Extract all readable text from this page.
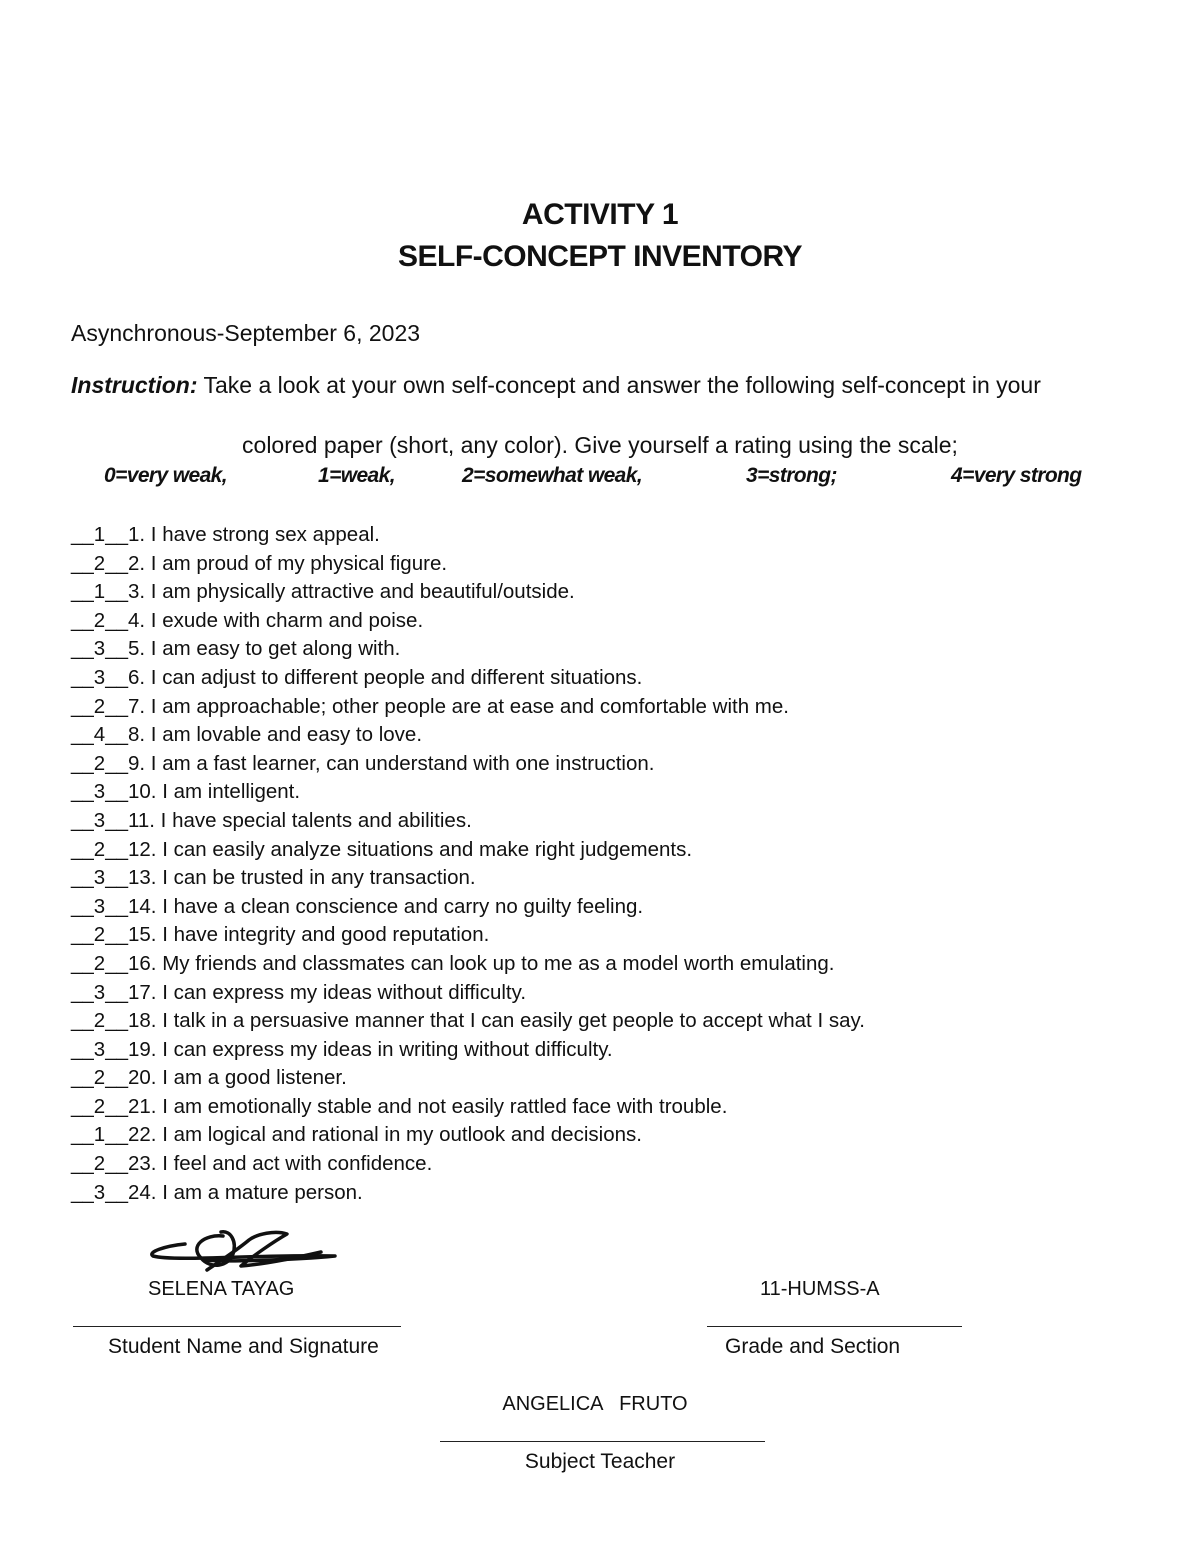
ACTIVITY 1
SELF-CONCEPT INVENTORY
Asynchronous-September 6, 2023
Instruction: Take a look at your own self-concept and answer the following self-concept in your
colored paper (short, any color). Give yourself a rating using the scale;
0=very weak,	1=weak,	2=somewhat weak,	3=strong;	4=very strong
__1__1. I have strong sex appeal.
__2__2. I am proud of my physical figure.
__1__3. I am physically attractive and beautiful/outside.
__2__4. I exude with charm and poise.
__3__5. I am easy to get along with.
__3__6. I can adjust to different people and different situations.
__2__7. I am approachable; other people are at ease and comfortable with me.
__4__8. I am lovable and easy to love.
__2__9. I am a fast learner, can understand with one instruction.
__3__10. I am intelligent.
__3__11. I have special talents and abilities.
__2__12. I can easily analyze situations and make right judgements.
__3__13. I can be trusted in any transaction.
__3__14. I have a clean conscience and carry no guilty feeling.
__2__15. I have integrity and good reputation.
__2__16. My friends and classmates can look up to me as a model worth emulating.
__3__17. I can express my ideas without difficulty.
__2__18. I talk in a persuasive manner that I can easily get people to accept what I say.
__3__19. I can express my ideas in writing without difficulty.
__2__20. I am a good listener.
__2__21. I am emotionally stable and not easily rattled face with trouble.
__1__22. I am logical and rational in my outlook and decisions.
__2__23. I feel and act with confidence.
__3__24. I am a mature person.
SELENA TAYAG	11-HUMSS-A
Student Name and Signature	Grade and Section
ANGELICA   FRUTO
Subject Teacher
